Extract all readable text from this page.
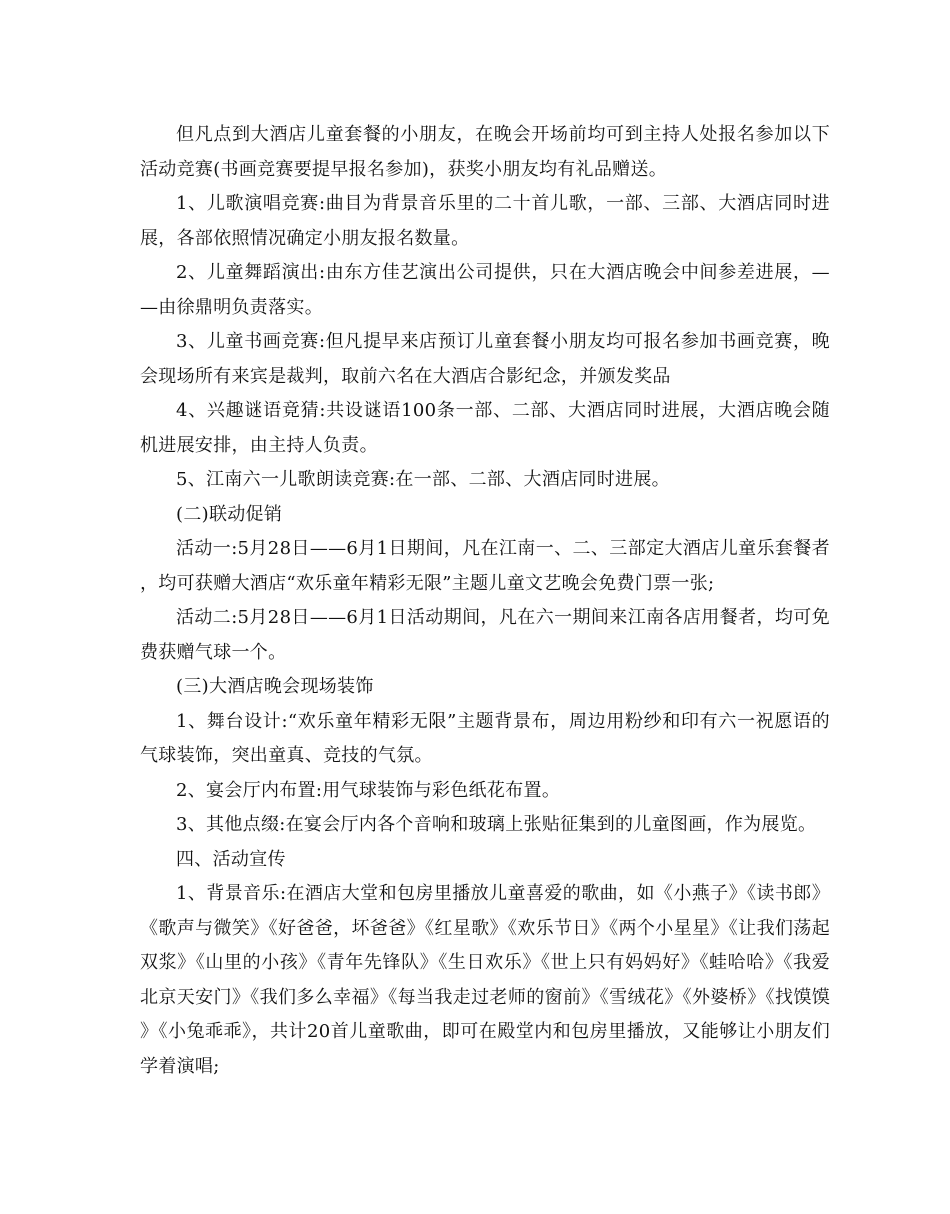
但凡点到大酒店儿童套餐的小朋友，在晚会开场前均可到主持人处报名参加以下活动竞赛(书画竞赛要提早报名参加)，获奖小朋友均有礼品赠送。

1、儿歌演唱竞赛:曲目为背景音乐里的二十首儿歌，一部、三部、大酒店同时进展，各部依照情况确定小朋友报名数量。

2、儿童舞蹈演出:由东方佳艺演出公司提供，只在大酒店晚会中间参差进展，——由徐鼎明负责落实。

3、儿童书画竞赛:但凡提早来店预订儿童套餐小朋友均可报名参加书画竞赛，晚会现场所有来宾是裁判，取前六名在大酒店合影纪念，并颁发奖品

4、兴趣谜语竟猜:共设谜语100条一部、二部、大酒店同时进展，大酒店晚会随机进展安排，由主持人负责。

5、江南六一儿歌朗读竞赛:在一部、二部、大酒店同时进展。

(二)联动促销

活动一:5月28日——6月1日期间，凡在江南一、二、三部定大酒店儿童乐套餐者，均可获赠大酒店“欢乐童年精彩无限”主题儿童文艺晚会免费门票一张;

活动二:5月28日——6月1日活动期间，凡在六一期间来江南各店用餐者，均可免费获赠气球一个。

(三)大酒店晚会现场装饰

1、舞台设计:“欢乐童年精彩无限”主题背景布，周边用粉纱和印有六一祝愿语的气球装饰，突出童真、竞技的气氛。

2、宴会厅内布置:用气球装饰与彩色纸花布置。

3、其他点缀:在宴会厅内各个音响和玻璃上张贴征集到的儿童图画，作为展览。

四、活动宣传

1、背景音乐:在酒店大堂和包房里播放儿童喜爱的歌曲，如《小燕子》《读书郎》《歌声与微笑》《好爸爸，坏爸爸》《红星歌》《欢乐节日》《两个小星星》《让我们荡起双浆》《山里的小孩》《青年先锋队》《生日欢乐》《世上只有妈妈好》《蛙哈哈》《我爱北京天安门》《我们多么幸福》《每当我走过老师的窗前》《雪绒花》《外婆桥》《找馍馍》《小兔乖乖》，共计20首儿童歌曲，即可在殿堂内和包房里播放，又能够让小朋友们学着演唱;
